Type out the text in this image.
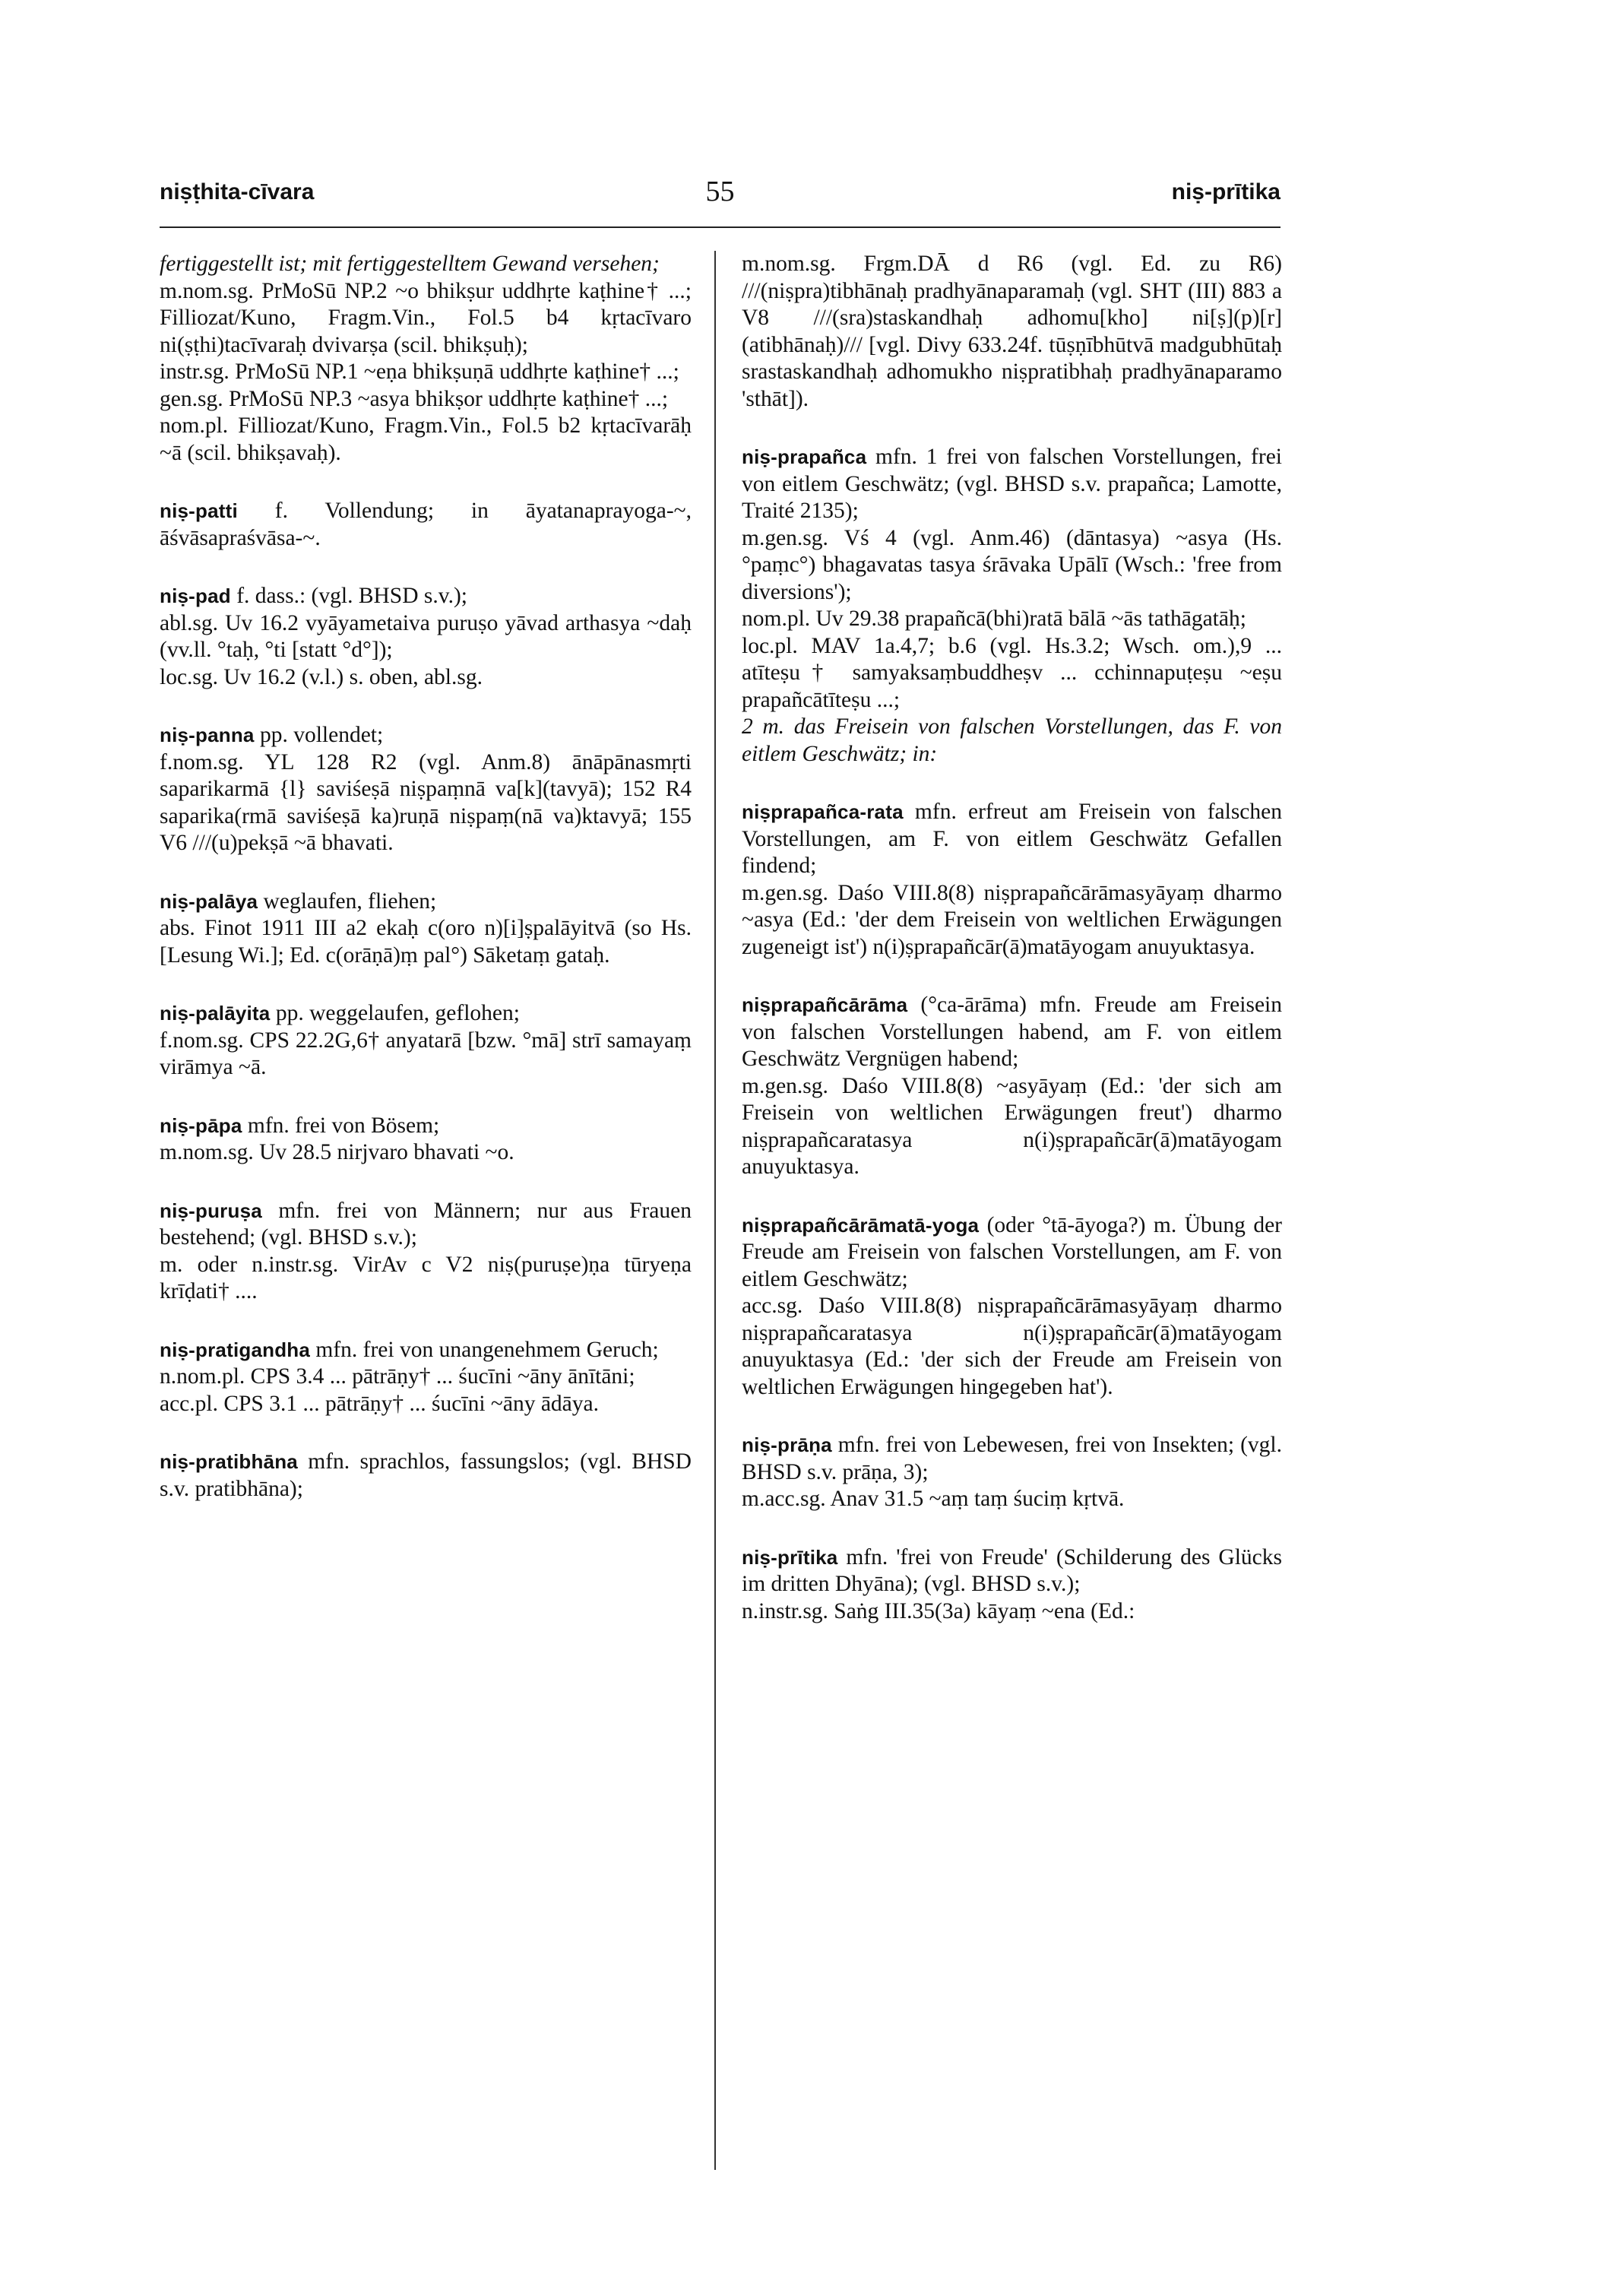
niṣṭhita-cīvara	55	niṣ-prītika

fertiggestellt ist; mit fertiggestelltem Gewand versehen;

m.nom.sg. PrMoSū NP.2 ~o bhikṣur uddhṛte kaṭhine† ...; Filliozat/Kuno, Fragm.Vin., Fol.5 b4 kṛtacīvaro ni(ṣṭhi)tacīvaraḥ dvivarṣa (scil. bhikṣuḥ);

instr.sg. PrMoSū NP.1 ~eṇa bhikṣuṇā uddhṛte kaṭhine† ...;

gen.sg. PrMoSū NP.3 ~asya bhikṣor uddhṛte kaṭhine† ...;

nom.pl. Filliozat/Kuno, Fragm.Vin., Fol.5 b2 kṛtacīvarāḥ ~ā (scil. bhikṣavaḥ).

niṣ-patti f. Vollendung; in āyatanaprayoga-~, āśvāsapraśvāsa-~.

niṣ-pad f. dass.: (vgl. BHSD s.v.);

abl.sg. Uv 16.2 vyāyametaiva puruṣo yāvad arthasya ~daḥ (vv.ll. °taḥ, °ti [statt °d°]);

loc.sg. Uv 16.2 (v.l.) s. oben, abl.sg.

niṣ-panna pp. vollendet;

f.nom.sg. YL 128 R2 (vgl. Anm.8) ānāpānasmṛti saparikarmā {l} saviśeṣā niṣpaṃnā va[k](tavyā); 152 R4 saparika(rmā saviśeṣā ka)ruṇā niṣpaṃ(nā va)ktavyā; 155 V6 ///(u)pekṣā ~ā bhavati.

niṣ-palāya weglaufen, fliehen;

abs. Finot 1911 III a2 ekaḥ c(oro n)[i]ṣpalāyitvā (so Hs. [Lesung Wi.]; Ed. c(orāṇā)ṃ pal°) Sāketaṃ gataḥ.

niṣ-palāyita pp. weggelaufen, geflohen;

f.nom.sg. CPS 22.2G,6† anyatarā [bzw. °mā] strī samayaṃ virāmya ~ā.

niṣ-pāpa mfn. frei von Bösem;

m.nom.sg. Uv 28.5 nirjvaro bhavati ~o.

niṣ-puruṣa mfn. frei von Männern; nur aus Frauen bestehend; (vgl. BHSD s.v.);

m. oder n.instr.sg. VirAv c V2 niṣ(puruṣe)ṇa tūryeṇa krīḍati† ....

niṣ-pratigandha mfn. frei von unangenehmem Geruch;

n.nom.pl. CPS 3.4 ... pātrāṇy† ... śucīni ~āny ānītāni;

acc.pl. CPS 3.1 ... pātrāṇy† ... śucīni ~āny ādāya.

niṣ-pratibhāna mfn. sprachlos, fassungslos; (vgl. BHSD s.v. pratibhāna);

m.nom.sg. Frgm.DĀ d R6 (vgl. Ed. zu R6) ///(niṣpra)tibhānaḥ pradhyānaparamaḥ (vgl. SHT (III) 883 a V8 ///(sra)staskandhaḥ adhomu[kho] ni[ṣ](p)[r](atibhānaḥ)/// [vgl. Divy 633.24f. tūṣṇībhūtvā madgubhūtaḥ srastaskandhaḥ adhomukho niṣpratibhaḥ pradhyānaparamo 'sthāt]).

niṣ-prapañca mfn. 1 frei von falschen Vorstellungen, frei von eitlem Geschwätz; (vgl. BHSD s.v. prapañca; Lamotte, Traité 2135);

m.gen.sg. Vś 4 (vgl. Anm.46) (dāntasya) ~asya (Hs. °paṃc°) bhagavatas tasya śrāvaka Upālī (Wsch.: 'free from diversions');

nom.pl. Uv 29.38 prapañcā(bhi)ratā bālā ~ās tathāgatāḥ;

loc.pl. MAV 1a.4,7; b.6 (vgl. Hs.3.2; Wsch. om.),9 ... atīteṣu† samyaksaṃbuddheṣv ... cchinnapuṭeṣu ~eṣu prapañcātīteṣu ...;

2 m. das Freisein von falschen Vorstellungen, das F. von eitlem Geschwätz; in:

niṣprapañca-rata mfn. erfreut am Freisein von falschen Vorstellungen, am F. von eitlem Geschwätz Gefallen findend;

m.gen.sg. Daśo VIII.8(8) niṣprapañcārāmasyāyaṃ dharmo ~asya (Ed.: 'der dem Freisein von weltlichen Erwägungen zugeneigt ist') n(i)ṣprapañcār(ā)matāyogam anuyuktasya.

niṣprapañcārāma (°ca-ārāma) mfn. Freude am Freisein von falschen Vorstellungen habend, am F. von eitlem Geschwätz Vergnügen habend;

m.gen.sg. Daśo VIII.8(8) ~asyāyaṃ (Ed.: 'der sich am Freisein von weltlichen Erwägungen freut') dharmo niṣprapañcaratasya n(i)ṣprapañcār(ā)matāyogam anuyuktasya.

niṣprapañcārāmatā-yoga (oder °tā-āyoga?) m. Übung der Freude am Freisein von falschen Vorstellungen, am F. von eitlem Geschwätz;

acc.sg. Daśo VIII.8(8) niṣprapañcārāmasyāyaṃ dharmo niṣprapañcaratasya n(i)ṣprapañcār(ā)matāyogam anuyuktasya (Ed.: 'der sich der Freude am Freisein von weltlichen Erwägungen hingegeben hat').

niṣ-prāṇa mfn. frei von Lebewesen, frei von Insekten; (vgl. BHSD s.v. prāṇa, 3);

m.acc.sg. Anav 31.5 ~aṃ taṃ śuciṃ kṛtvā.

niṣ-prītika mfn. 'frei von Freude' (Schilderung des Glücks im dritten Dhyāna); (vgl. BHSD s.v.);

n.instr.sg. Saṅg III.35(3a) kāyaṃ ~ena (Ed.:
